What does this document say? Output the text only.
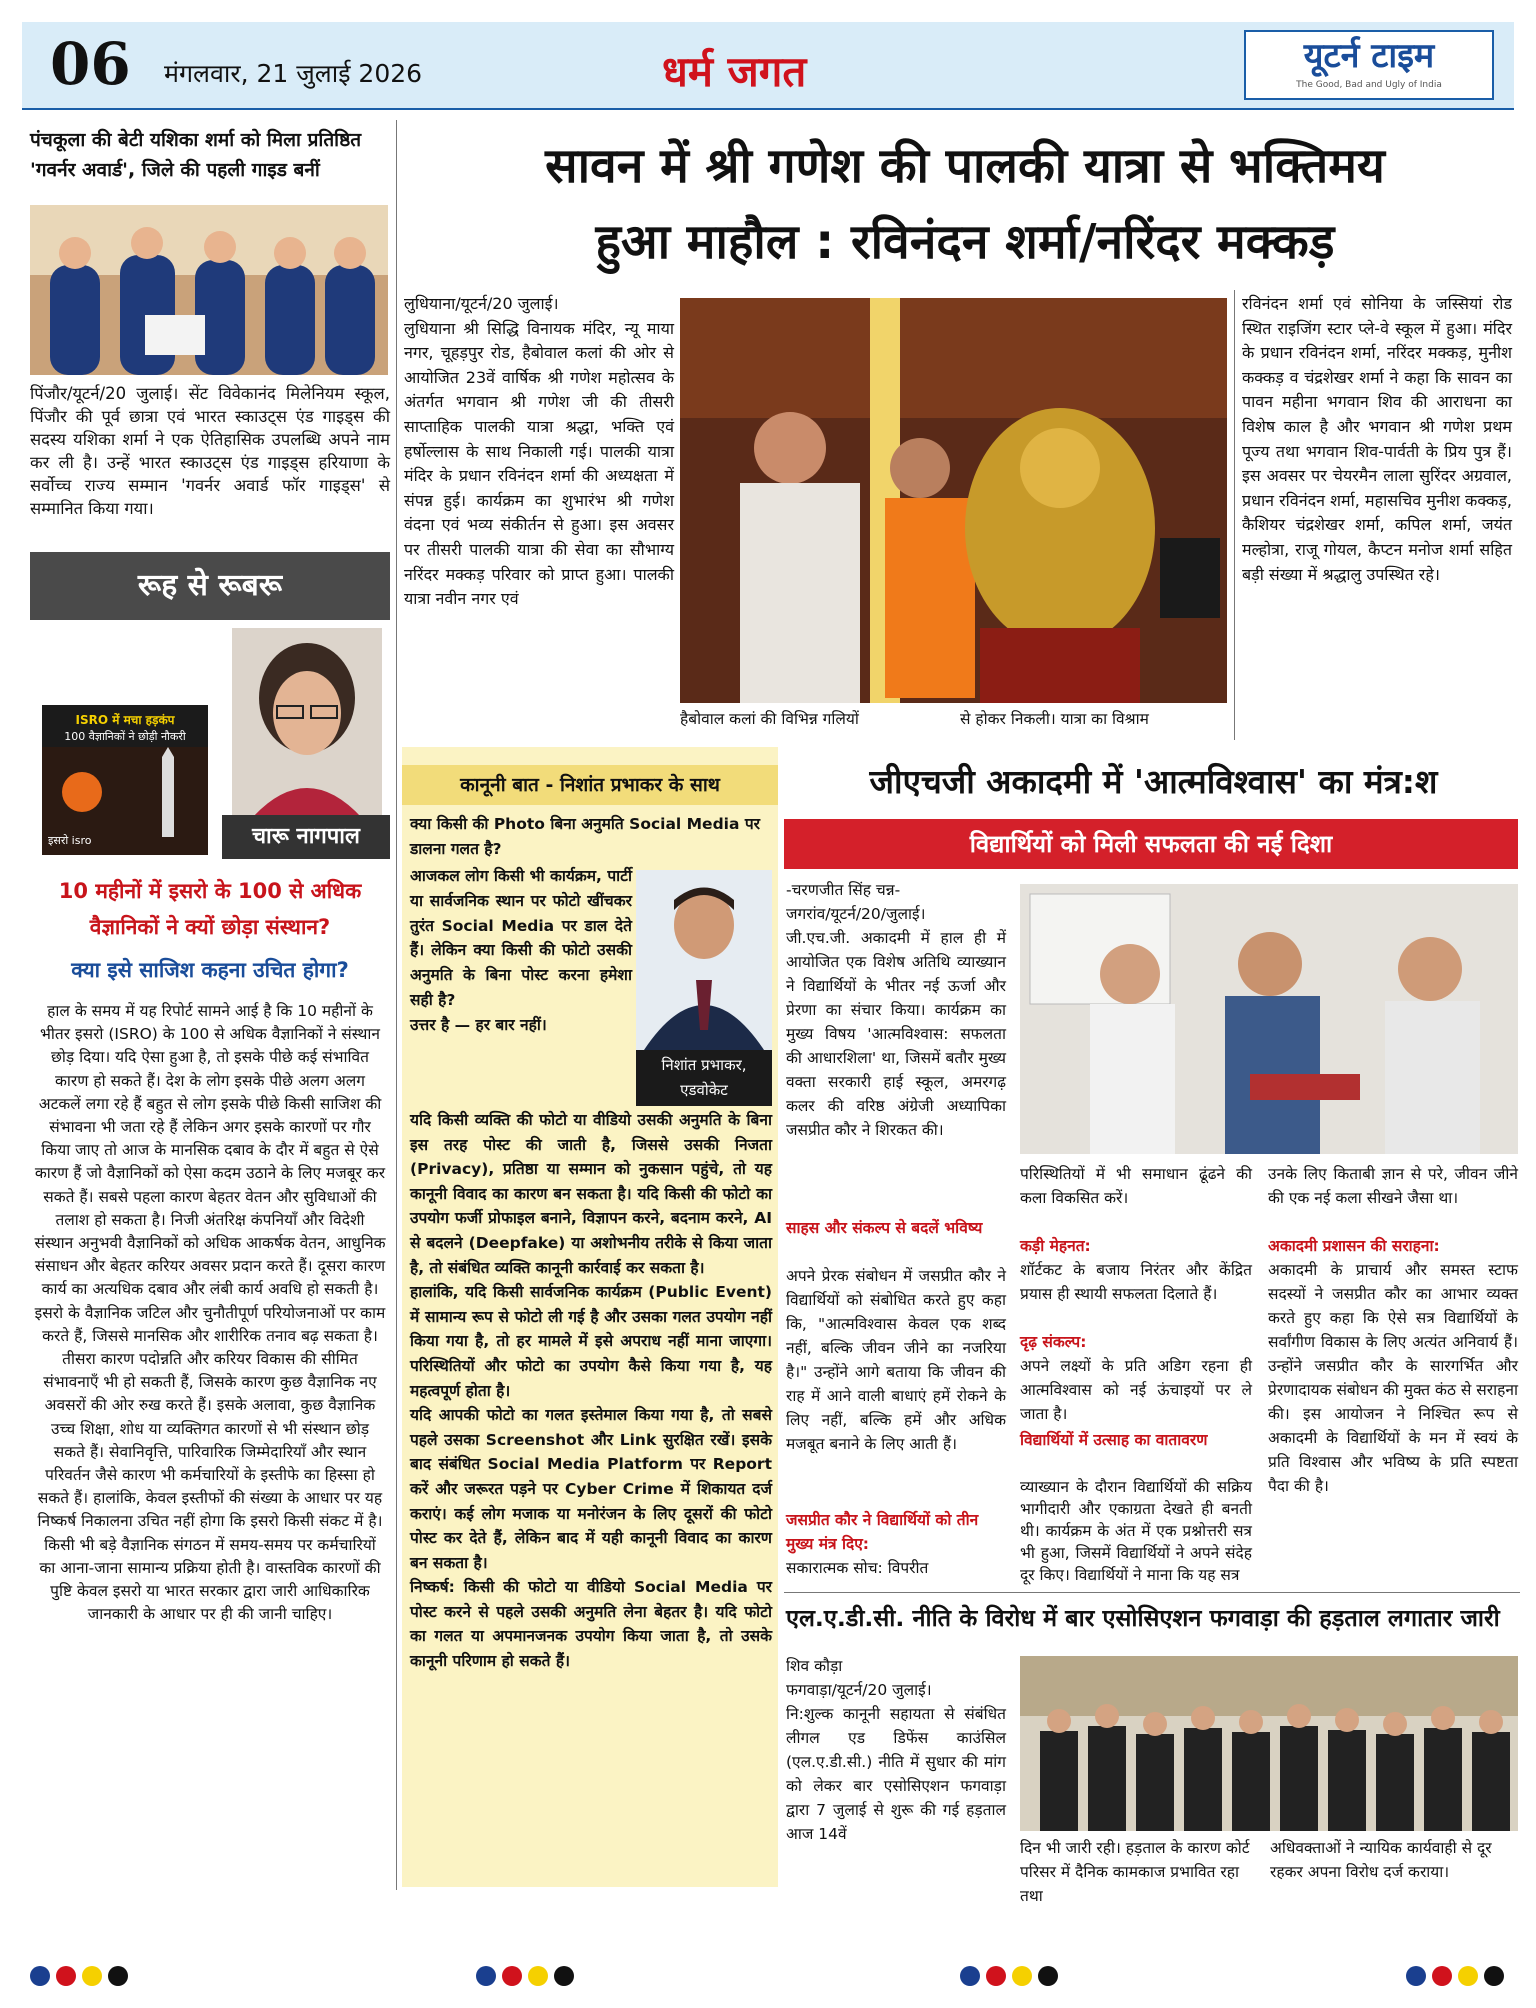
06 मंगलवार, 21 जुलाई 2026	धर्म जगत	यूटर्न टाइम
The Good, Bad and Ugly of India
पंचकूला की बेटी यशिका शर्मा को मिला प्रतिष्ठित 'गवर्नर अवार्ड', जिले की पहली गाइड बनीं
पिंजौर/यूटर्न/20 जुलाई। सेंट विवेकानंद मिलेनियम स्कूल, पिंजौर की पूर्व छात्रा एवं भारत स्काउट्स एंड गाइड्स की सदस्य यशिका शर्मा ने एक ऐतिहासिक उपलब्धि अपने नाम कर ली है। उन्हें भारत स्काउट्स एंड गाइड्स हरियाणा के सर्वोच्च राज्य सम्मान 'गवर्नर अवार्ड फॉर गाइड्स' से सम्मानित किया गया।
रूह से रूबरू
ISRO में मचा हड़कंप
100 वैज्ञानिकों ने छोड़ी नौकरी
इसरो isro	चारू नागपाल
10 महीनों में इसरो के 100 से अधिक वैज्ञानिकों ने क्यों छोड़ा संस्थान?
क्या इसे साजिश कहना उचित होगा?
हाल के समय में यह रिपोर्ट सामने आई है कि 10 महीनों के भीतर इसरो (ISRO) के 100 से अधिक वैज्ञानिकों ने संस्थान छोड़ दिया। यदि ऐसा हुआ है, तो इसके पीछे कई संभावित कारण हो सकते हैं। देश के लोग इसके पीछे अलग अलग अटकलें लगा रहे हैं बहुत से लोग इसके पीछे किसी साजिश की संभावना भी जता रहे हैं लेकिन अगर इसके कारणों पर गौर किया जाए तो आज के मानसिक दबाव के दौर में बहुत से ऐसे कारण हैं जो वैज्ञानिकों को ऐसा कदम उठाने के लिए मजबूर कर सकते हैं। सबसे पहला कारण बेहतर वेतन और सुविधाओं की तलाश हो सकता है। निजी अंतरिक्ष कंपनियाँ और विदेशी संस्थान अनुभवी वैज्ञानिकों को अधिक आकर्षक वेतन, आधुनिक संसाधन और बेहतर करियर अवसर प्रदान करते हैं। दूसरा कारण कार्य का अत्यधिक दबाव और लंबी कार्य अवधि हो सकती है। इसरो के वैज्ञानिक जटिल और चुनौतीपूर्ण परियोजनाओं पर काम करते हैं, जिससे मानसिक और शारीरिक तनाव बढ़ सकता है। तीसरा कारण पदोन्नति और करियर विकास की सीमित संभावनाएँ भी हो सकती हैं, जिसके कारण कुछ वैज्ञानिक नए अवसरों की ओर रुख करते हैं। इसके अलावा, कुछ वैज्ञानिक उच्च शिक्षा, शोध या व्यक्तिगत कारणों से भी संस्थान छोड़ सकते हैं। सेवानिवृत्ति, पारिवारिक जिम्मेदारियाँ और स्थान परिवर्तन जैसे कारण भी कर्मचारियों के इस्तीफे का हिस्सा हो सकते हैं। हालांकि, केवल इस्तीफों की संख्या के आधार पर यह निष्कर्ष निकालना उचित नहीं होगा कि इसरो किसी संकट में है। किसी भी बड़े वैज्ञानिक संगठन में समय-समय पर कर्मचारियों का आना-जाना सामान्य प्रक्रिया होती है। वास्तविक कारणों की पुष्टि केवल इसरो या भारत सरकार द्वारा जारी आधिकारिक जानकारी के आधार पर ही की जानी चाहिए।
सावन में श्री गणेश की पालकी यात्रा से भक्तिमय
हुआ माहौल : रविनंदन शर्मा/नरिंदर मक्कड़
लुधियाना/यूटर्न/20 जुलाई।
लुधियाना श्री सिद्धि विनायक मंदिर, न्यू माया नगर, चूहड़पुर रोड, हैबोवाल कलां की ओर से आयोजित 23वें वार्षिक श्री गणेश महोत्सव के अंतर्गत भगवान श्री गणेश जी की तीसरी साप्ताहिक पालकी यात्रा श्रद्धा, भक्ति एवं हर्षोल्लास के साथ निकाली गई। पालकी यात्रा मंदिर के प्रधान रविनंदन शर्मा की अध्यक्षता में संपन्न हुई। कार्यक्रम का शुभारंभ श्री गणेश वंदना एवं भव्य संकीर्तन से हुआ। इस अवसर पर तीसरी पालकी यात्रा की सेवा का सौभाग्य नरिंदर मक्कड़ परिवार को प्राप्त हुआ। पालकी यात्रा नवीन नगर एवं
हैबोवाल कलां की विभिन्न गलियों	से होकर निकली। यात्रा का विश्राम
रविनंदन शर्मा एवं सोनिया के जस्सियां रोड स्थित राइजिंग स्टार प्ले-वे स्कूल में हुआ। मंदिर के प्रधान रविनंदन शर्मा, नरिंदर मक्कड़, मुनीश कक्कड़ व चंद्रशेखर शर्मा ने कहा कि सावन का पावन महीना भगवान शिव की आराधना का विशेष काल है और भगवान श्री गणेश प्रथम पूज्य तथा भगवान शिव-पार्वती के प्रिय पुत्र हैं। इस अवसर पर चेयरमैन लाला सुरिंदर अग्रवाल, प्रधान रविनंदन शर्मा, महासचिव मुनीश कक्कड़, कैशियर चंद्रशेखर शर्मा, कपिल शर्मा, जयंत मल्होत्रा, राजू गोयल, कैप्टन मनोज शर्मा सहित बड़ी संख्या में श्रद्धालु उपस्थित रहे।
कानूनी बात - निशांत प्रभाकर के साथ
क्या किसी की Photo बिना अनुमति Social Media पर डालना गलत है?
आजकल लोग किसी भी कार्यक्रम, पार्टी या सार्वजनिक स्थान पर फोटो खींचकर तुरंत Social Media पर डाल देते हैं। लेकिन क्या किसी की फोटो उसकी अनुमति के बिना पोस्ट करना हमेशा सही है?
उत्तर है — हर बार नहीं।
निशांत प्रभाकर,
एडवोकेट
यदि किसी व्यक्ति की फोटो या वीडियो उसकी अनुमति के बिना इस तरह पोस्ट की जाती है, जिससे उसकी निजता (Privacy), प्रतिष्ठा या सम्मान को नुकसान पहुंचे, तो यह कानूनी विवाद का कारण बन सकता है। यदि किसी की फोटो का उपयोग फर्जी प्रोफाइल बनाने, विज्ञापन करने, बदनाम करने, AI से बदलने (Deepfake) या अशोभनीय तरीके से किया जाता है, तो संबंधित व्यक्ति कानूनी कार्रवाई कर सकता है।
हालांकि, यदि किसी सार्वजनिक कार्यक्रम (Public Event) में सामान्य रूप से फोटो ली गई है और उसका गलत उपयोग नहीं किया गया है, तो हर मामले में इसे अपराध नहीं माना जाएगा। परिस्थितियों और फोटो का उपयोग कैसे किया गया है, यह महत्वपूर्ण होता है।
यदि आपकी फोटो का गलत इस्तेमाल किया गया है, तो सबसे पहले उसका Screenshot और Link सुरक्षित रखें। इसके बाद संबंधित Social Media Platform पर Report करें और जरूरत पड़ने पर Cyber Crime में शिकायत दर्ज कराएं। कई लोग मजाक या मनोरंजन के लिए दूसरों की फोटो पोस्ट कर देते हैं, लेकिन बाद में यही कानूनी विवाद का कारण बन सकता है।
निष्कर्ष: किसी की फोटो या वीडियो Social Media पर पोस्ट करने से पहले उसकी अनुमति लेना बेहतर है। यदि फोटो का गलत या अपमानजनक उपयोग किया जाता है, तो उसके कानूनी परिणाम हो सकते हैं।
जीएचजी अकादमी में 'आत्मविश्वास' का मंत्र:श
विद्यार्थियों को मिली सफलता की नई दिशा
-चरणजीत सिंह चन्न-
जगरांव/यूटर्न/20/जुलाई।
जी.एच.जी. अकादमी में हाल ही में आयोजित एक विशेष अतिथि व्याख्यान ने विद्यार्थियों के भीतर नई ऊर्जा और प्रेरणा का संचार किया। कार्यक्रम का मुख्य विषय 'आत्मविश्वास: सफलता की आधारशिला' था, जिसमें बतौर मुख्य वक्ता सरकारी हाई स्कूल, अमरगढ़ कलर की वरिष्ठ अंग्रेजी अध्यापिका जसप्रीत कौर ने शिरकत की।
साहस और संकल्प से बदलें भविष्य
अपने प्रेरक संबोधन में जसप्रीत कौर ने विद्यार्थियों को संबोधित करते हुए कहा कि, "आत्मविश्वास केवल एक शब्द नहीं, बल्कि जीवन जीने का नजरिया है।" उन्होंने आगे बताया कि जीवन की राह में आने वाली बाधाएं हमें रोकने के लिए नहीं, बल्कि हमें और अधिक मजबूत बनाने के लिए आती हैं।
जसप्रीत कौर ने विद्यार्थियों को तीन मुख्य मंत्र दिए:
सकारात्मक सोच: विपरीत
परिस्थितियों में भी समाधान ढूंढने की कला विकसित करें।
कड़ी मेहनत:
शॉर्टकट के बजाय निरंतर और केंद्रित प्रयास ही स्थायी सफलता दिलाते हैं।
दृढ़ संकल्प:
अपने लक्ष्यों के प्रति अडिग रहना ही आत्मविश्वास को नई ऊंचाइयों पर ले जाता है।
विद्यार्थियों में उत्साह का वातावरण
व्याख्यान के दौरान विद्यार्थियों की सक्रिय भागीदारी और एकाग्रता देखते ही बनती थी। कार्यक्रम के अंत में एक प्रश्नोत्तरी सत्र भी हुआ, जिसमें विद्यार्थियों ने अपने संदेह दूर किए। विद्यार्थियों ने माना कि यह सत्र
उनके लिए किताबी ज्ञान से परे, जीवन जीने की एक नई कला सीखने जैसा था।
अकादमी प्रशासन की सराहना:
अकादमी के प्राचार्य और समस्त स्टाफ सदस्यों ने जसप्रीत कौर का आभार व्यक्त करते हुए कहा कि ऐसे सत्र विद्यार्थियों के सर्वांगीण विकास के लिए अत्यंत अनिवार्य हैं। उन्होंने जसप्रीत कौर के सारगर्भित और प्रेरणादायक संबोधन की मुक्त कंठ से सराहना की। इस आयोजन ने निश्चित रूप से अकादमी के विद्यार्थियों के मन में स्वयं के प्रति विश्वास और भविष्य के प्रति स्पष्टता पैदा की है।
एल.ए.डी.सी. नीति के विरोध में बार एसोसिएशन फगवाड़ा की हड़ताल लगातार जारी
शिव कौड़ा
फगवाड़ा/यूटर्न/20 जुलाई।
नि:शुल्क कानूनी सहायता से संबंधित लीगल एड डिफेंस काउंसिल (एल.ए.डी.सी.) नीति में सुधार की मांग को लेकर बार एसोसिएशन फगवाड़ा द्वारा 7 जुलाई से शुरू की गई हड़ताल आज 14वें
दिन भी जारी रही। हड़ताल के कारण कोर्ट परिसर में दैनिक कामकाज प्रभावित रहा तथा
अधिवक्ताओं ने न्यायिक कार्यवाही से दूर रहकर अपना विरोध दर्ज कराया।
